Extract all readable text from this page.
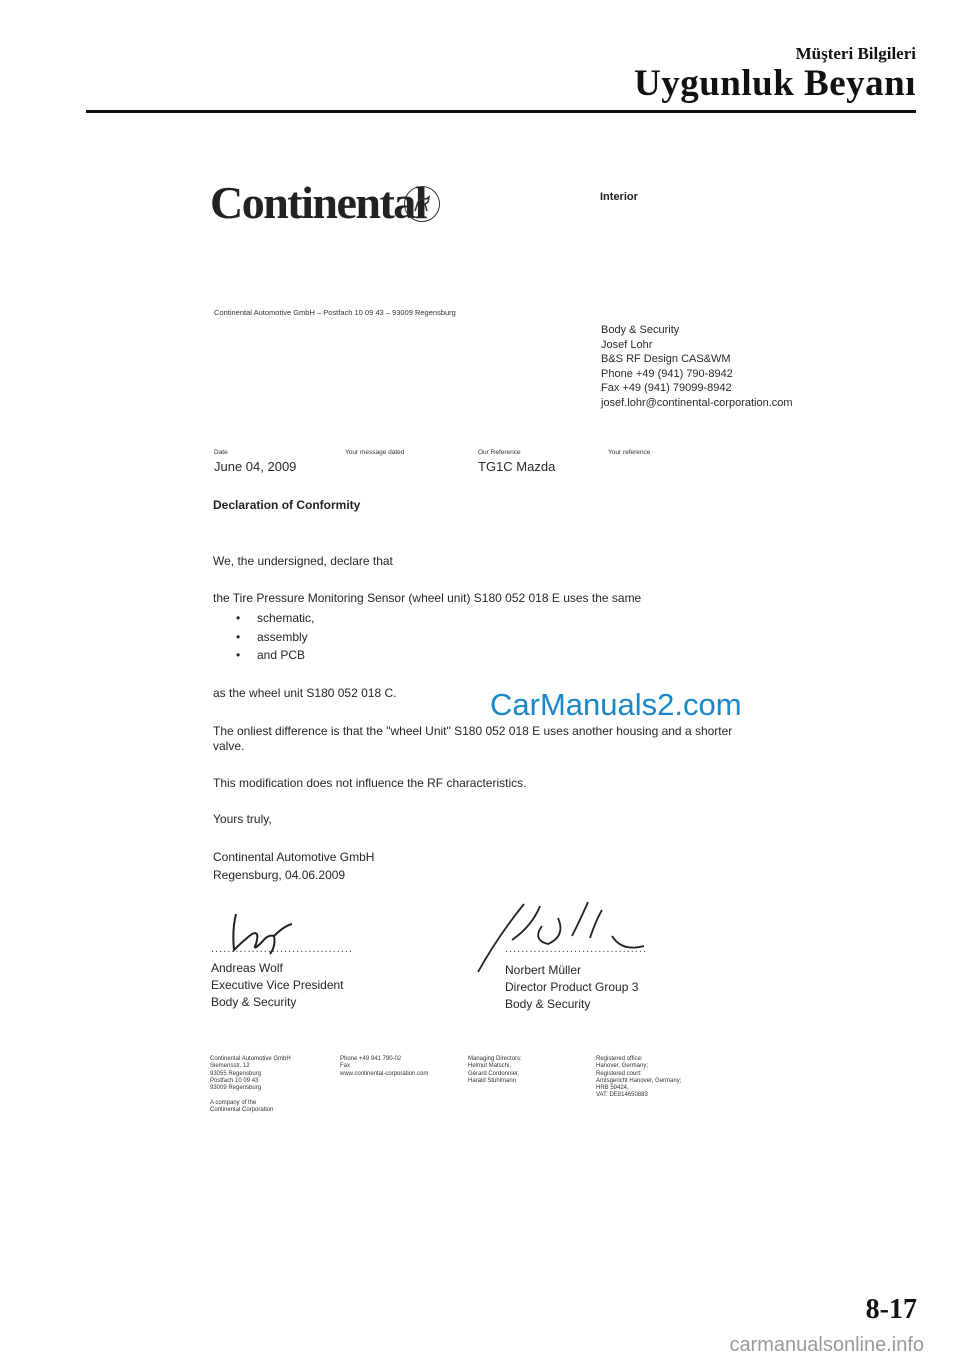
Müşteri Bilgileri
Uygunluk Beyanı
Continental	Interior
Continental Automotive GmbH – Postfach 10 09 43 – 93009 Regensburg
Body & Security
Josef Lohr
B&S RF Design CAS&WM
Phone +49 (941) 790-8942
Fax +49 (941) 79099-8942
josef.lohr@continental-corporation.com
Date
June 04, 2009
Your message dated	Our Reference
TG1C Mazda
Your reference
Declaration of Conformity
We, the undersigned, declare that
the Tire Pressure Monitoring Sensor (wheel unit) S180 052 018 E uses the same
• schematic,
• assembly
• and PCB
as the wheel unit S180 052 018 C.
The onliest difference is that the "wheel Unit" S180 052 018 E uses another housing and a shorter valve.
This modification does not influence the RF characteristics.
Yours truly,
Continental Automotive GmbH
Regensburg, 04.06.2009
...................................
Andreas Wolf
Executive Vice President
Body & Security
...................................
Norbert Müller
Director Product Group 3
Body & Security
Continental Automotive GmbH
Siemensstr. 12
93055 Regensburg
Postfach 10 09 43
93009 Regensburg

A company of the
Continental Corporation
Phone +49 941 790-02
Fax
www.continental-corporation.com
Managing Directors:
Helmut Matschi,
Gérard Cordonnier,
Harald Stuhlmann
Registered office:
Hanover, Germany;
Registered court:
Amtsgericht Hanover, Germany;
HRB 59424,
VAT: DE814650883
CarManuals2.com
8-17
carmanualsonline.info
